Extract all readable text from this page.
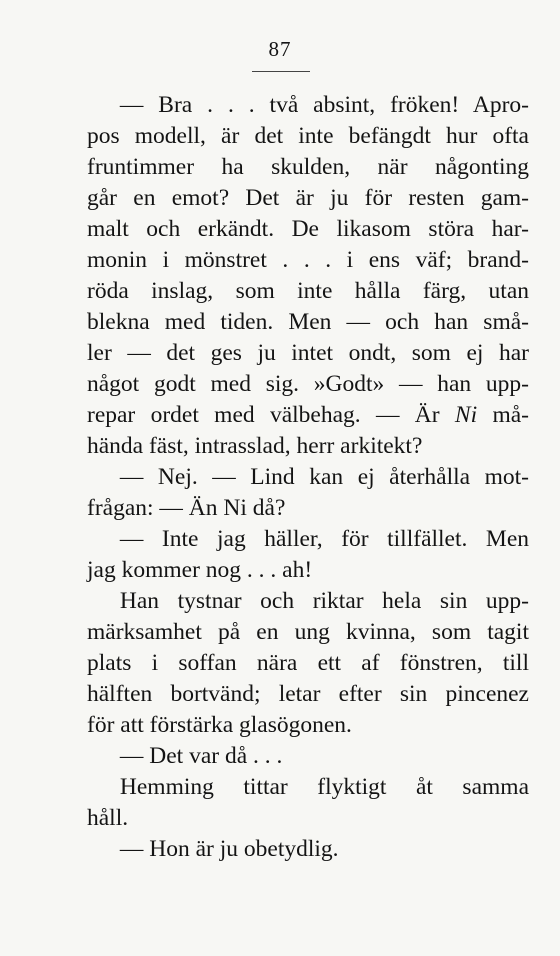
87

— Bra . . . två absint, fröken! Apro-
pos modell, är det inte befängdt hur ofta
fruntimmer ha skulden, när någonting
går en emot? Det är ju för resten gam-
malt och erkändt. De likasom störa har-
monin i mönstret . . . i ens väf; brand-
röda inslag, som inte hålla färg, utan
blekna med tiden. Men — och han små-
ler — det ges ju intet ondt, som ej har
något godt med sig. »Godt» — han upp-
repar ordet med välbehag. — Är Ni må-
hända fäst, intrasslad, herr arkitekt?

— Nej. — Lind kan ej återhålla mot-
frågan: — Än Ni då?

— Inte jag häller, för tillfället. Men
jag kommer nog . . . ah!

Han tystnar och riktar hela sin upp-
märksamhet på en ung kvinna, som tagit
plats i soffan nära ett af fönstren, till
hälften bortvänd; letar efter sin pincenez
för att förstärka glasögonen.

— Det var då . . .

Hemming tittar flyktigt åt samma
håll.

— Hon är ju obetydlig.
